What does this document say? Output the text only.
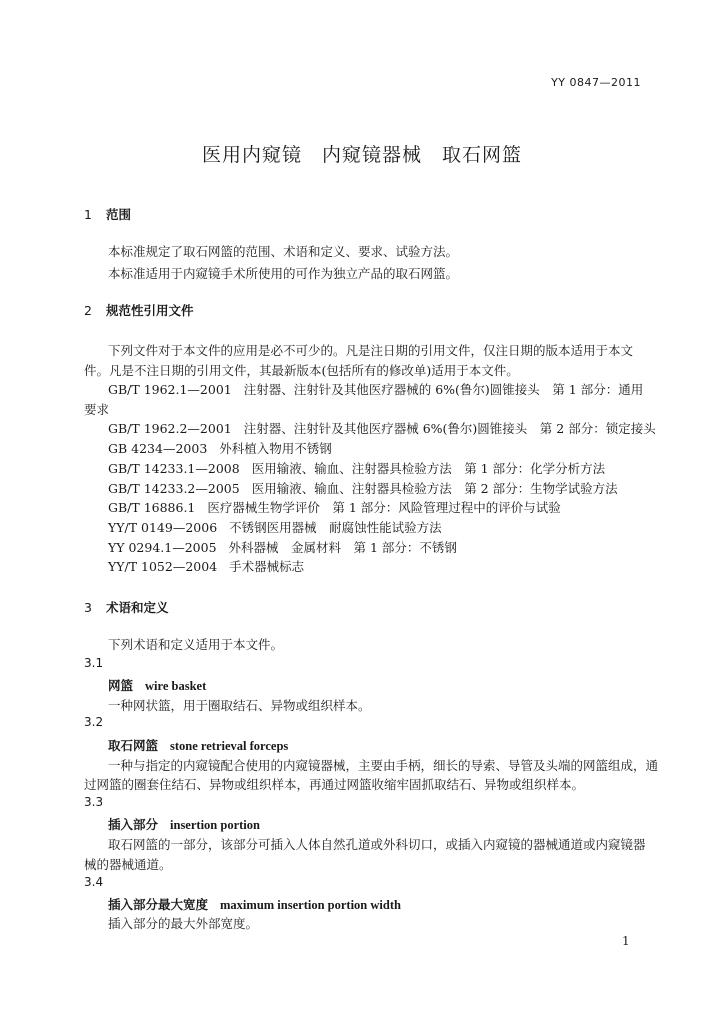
YY 0847—2011
医用内窥镜　内窥镜器械　取石网篮
1 范围
本标准规定了取石网篮的范围、术语和定义、要求、试验方法。
本标准适用于内窥镜手术所使用的可作为独立产品的取石网篮。
2 规范性引用文件
下列文件对于本文件的应用是必不可少的。凡是注日期的引用文件，仅注日期的版本适用于本文
件。凡是不注日期的引用文件，其最新版本(包括所有的修改单)适用于本文件。
GB/T 1962.1—2001 注射器、注射针及其他医疗器械的 6%(鲁尔)圆锥接头　第 1 部分：通用
要求
GB/T 1962.2—2001 注射器、注射针及其他医疗器械 6%(鲁尔)圆锥接头　第 2 部分：锁定接头
GB 4234—2003 外科植入物用不锈钢
GB/T 14233.1—2008 医用输液、输血、注射器具检验方法　第 1 部分：化学分析方法
GB/T 14233.2—2005 医用输液、输血、注射器具检验方法　第 2 部分：生物学试验方法
GB/T 16886.1 医疗器械生物学评价　第 1 部分：风险管理过程中的评价与试验
YY/T 0149—2006 不锈钢医用器械　耐腐蚀性能试验方法
YY 0294.1—2005 外科器械　金属材料　第 1 部分：不锈钢
YY/T 1052—2004 手术器械标志
3 术语和定义
下列术语和定义适用于本文件。
3.1
网篮 wire basket
一种网状篮，用于圈取结石、异物或组织样本。
3.2
取石网篮 stone retrieval forceps
一种与指定的内窥镜配合使用的内窥镜器械，主要由手柄，细长的导索、导管及头端的网篮组成，通
过网篮的圈套住结石、异物或组织样本，再通过网篮收缩牢固抓取结石、异物或组织样本。
3.3
插入部分 insertion portion
取石网篮的一部分，该部分可插入人体自然孔道或外科切口，或插入内窥镜的器械通道或内窥镜器
械的器械通道。
3.4
插入部分最大宽度 maximum insertion portion width
插入部分的最大外部宽度。
1
